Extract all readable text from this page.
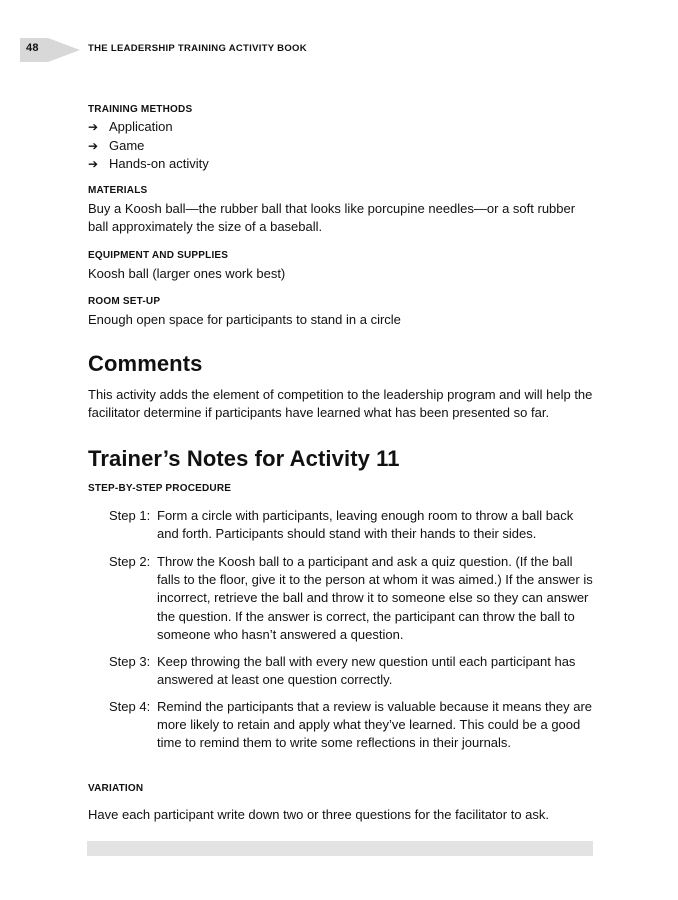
48	THE LEADERSHIP TRAINING ACTIVITY BOOK
TRAINING METHODS
➔ Application
➔ Game
➔ Hands-on activity
MATERIALS
Buy a Koosh ball—the rubber ball that looks like porcupine needles—or a soft rubber ball approximately the size of a baseball.
EQUIPMENT AND SUPPLIES
Koosh ball (larger ones work best)
ROOM SET-UP
Enough open space for participants to stand in a circle
Comments
This activity adds the element of competition to the leadership program and will help the facilitator determine if participants have learned what has been presented so far.
Trainer’s Notes for Activity 11
STEP-BY-STEP PROCEDURE
Step 1: Form a circle with participants, leaving enough room to throw a ball back and forth. Participants should stand with their hands to their sides.
Step 2: Throw the Koosh ball to a participant and ask a quiz question. (If the ball falls to the floor, give it to the person at whom it was aimed.) If the answer is incorrect, retrieve the ball and throw it to someone else so they can answer the question. If the answer is correct, the participant can throw the ball to someone who hasn’t answered a question.
Step 3: Keep throwing the ball with every new question until each participant has answered at least one question correctly.
Step 4: Remind the participants that a review is valuable because it means they are more likely to retain and apply what they’ve learned. This could be a good time to remind them to write some reflections in their journals.
VARIATION
Have each participant write down two or three questions for the facilitator to ask.
